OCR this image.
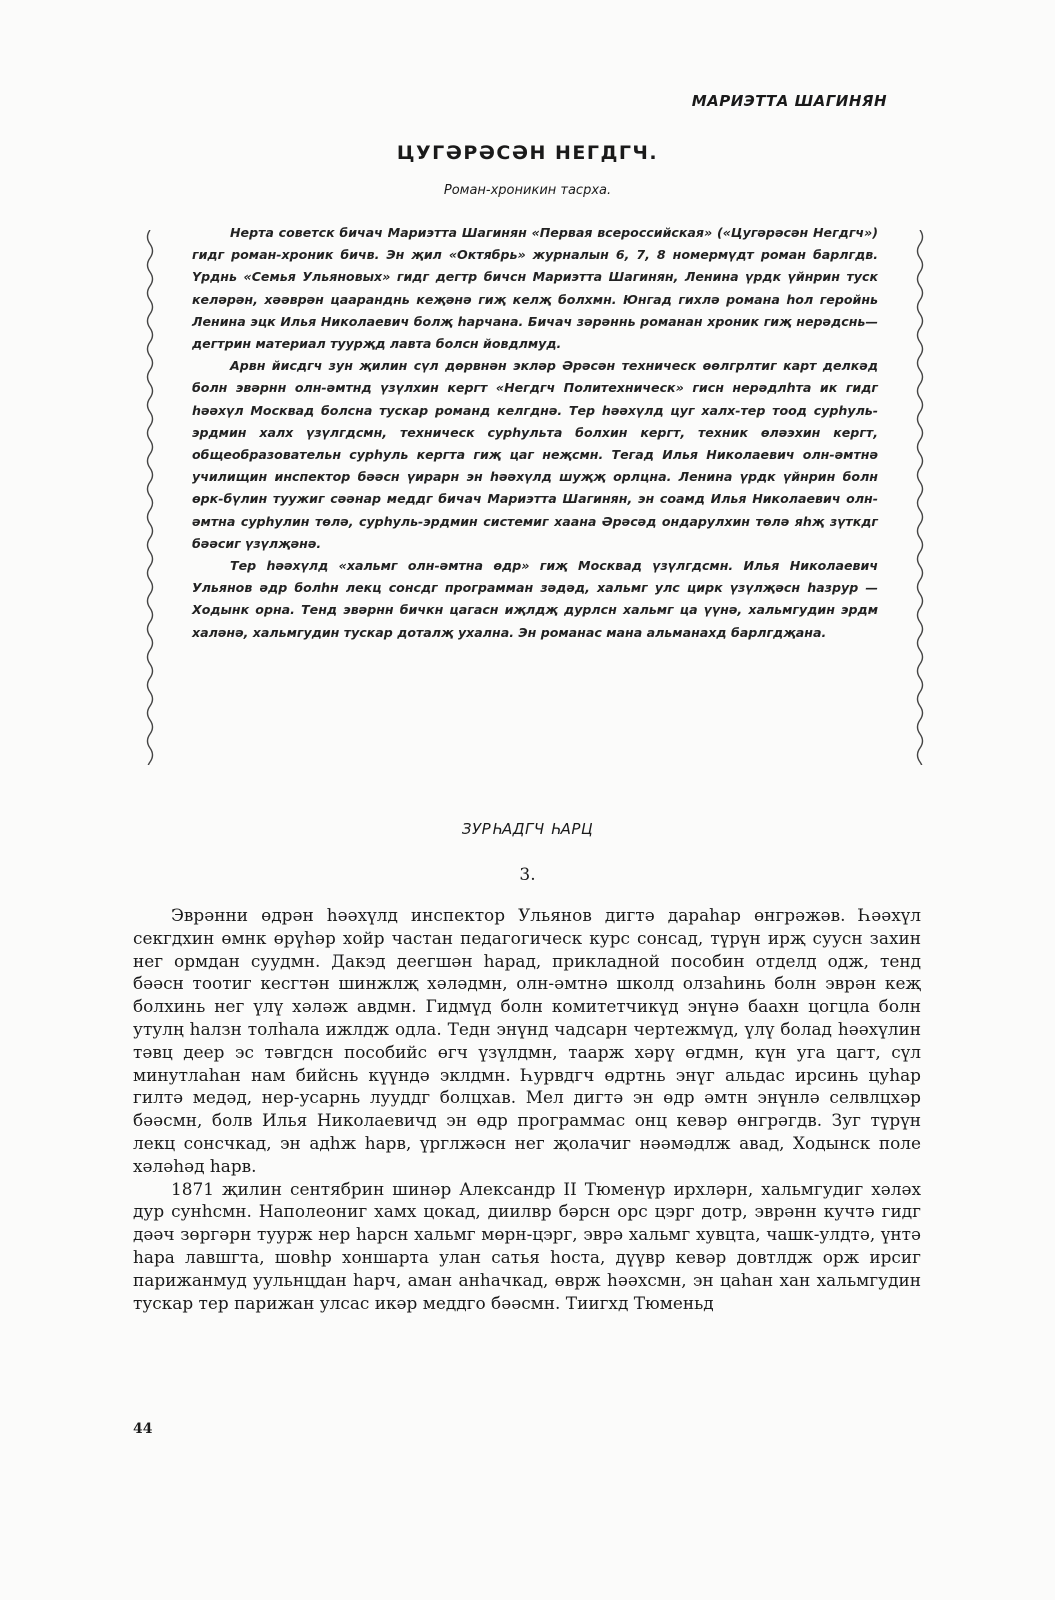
МАРИЭТТА ШАГИНЯН
ЦУГӘРӘСӘН НЕГДГЧ.
Роман-хроникин тасрха.

Нерта советск бичач Мариэтта Шагинян «Первая всероссийская» («Цугәрәсән Негдгч») гидг роман-хроник бичв. Эн җил «Октябрь» журналын 6, 7, 8 номермүдт роман барлгдв. Үрднь «Семья Ульяновых» гидг дегтр бичсн Мариэтта Шагинян, Ленина үрдк үйнрин туск келәрән, хәәврән цааранднь кеҗәнә гиҗ келҗ болхмн. Юнгад гихлә романа һол геройнь Ленина эцк Илья Николаевич болҗ һарчана. Бичач зәрәннь романан хроник гиҗ нерәдснь—дегтрин материал туурҗд лавта болсн йовдлмуд.

Арвн йисдгч зун җилин сүл дөрвнән экләр Әрәсән техническ өөлгрлтиг карт делкәд болн эвәрнн олн-әмтнд үзүлхин кергт «Негдгч Политехническ» гисн нерәдлһта ик гидг һәәхүл Москвад болсна тускар романд келгднә. Тер һәәхүлд цуг халх-тер тоод сурһуль-эрдмин халх үзүлгдсмн, техническ сурһульта болхин кергт, техник өләэхин кергт, общеобразовательн сурһуль кергта гиҗ цаг неҗсмн. Тегад Илья Николаевич олн-әмтнә училищин инспектор бәәсн үирарн эн һәәхүлд шуҗҗ орлцна. Ленина үрдк үйнрин болн өрк-бүлин туужиг сәәнар меддг бичач Мариэтта Шагинян, эн соамд Илья Николаевич олн-әмтна сурһулин төлә, сурһуль-эрдмин системиг хаана Әрәсәд ондарулхин төлә яһҗ зүткдг бәәсиг үзүлҗәнә.

Тер һәәхүлд «хальмг олн-әмтна өдр» гиҗ Москвад үзүлгдсмн. Илья Николаевич Ульянов әдр болһн лекц сонсдг программан зәдәд, хальмг улс цирк үзүлҗәсн һазрур — Ходынк орна. Тенд эвәрнн бичкн цагасн иҗлдҗ дурлсн хальмг ца үүнә, хальмгудин эрдм халәнә, хальмгудин тускар доталҗ ухална. Эн романас мана альманахд барлгдҗана.

ЗУРҺАДГЧ ҺАРЦ
3.

Эврәнни өдрән һәәхүлд инспектор Ульянов дигтә дараһар өнгрәжәв. Һәәхүл секгдхин өмнк өрүһәр хойр частан педагогическ курс сонсад, түрүн ирҗ суусн захин нег ормдан суудмн. Дакэд деегшән һарад, прикладной пособин отделд одж, тенд бәәсн тоотиг кесгтән шинжлҗ хәләдмн, олн-әмтнә школд олзаһинь болн эврән кеҗ болхинь нег үлү хәләж авдмн. Гидмүд болн комитетчикүд энүнә баахн цогцла болн утулң һалзн толһала ижлдж одла. Тедн энүнд чадсарн чертежмүд, үлү болад һәәхүлин тәвц деер эс тәвгдсн пособийс өгч үзүлдмн, таарж хәрү өгдмн, күн уга цагт, сүл минутлаһан нам бийснь күүндә эклдмн. Һурвдгч өдртнь энүг альдас ирсинь цуһар гилтә медәд, нер-усарнь лууддг болцхав. Мел дигтә эн өдр әмтн энүнлә селвлцхәр бәәсмн, болв Илья Николаевичд эн өдр программас онц кевәр өнгрәгдв. Зуг түрүн лекц сонсчкад, эн адһж һарв, үрглжәсн нег җолачиг нәәмәдлж авад, Ходынск поле хәләһәд һарв.

1871 җилин сентябрин шинәр Александр II Тюменүр ирхләрн, хальмгудиг хәләх дур сунһсмн. Наполеониг хамх цокад, диилвр бәрсн орс цэрг дотр, эврәнн кучтә гидг дәәч зөргәрн туурж нер һарсн хальмг мөрн-цэрг, эврә хальмг хувцта, чашк-улдтә, үнтә һара лавшгта, шовһр хоншарта улан сатья һоста, дүүвр кевәр довтлдж орж ирсиг парижанмуд уульнцдан һарч, аман анһачкад, өврж һәәхсмн, эн цаһан хан хальмгудин тускар тер парижан улсас икәр меддго бәәсмн. Тиигхд Тюменьд

44
